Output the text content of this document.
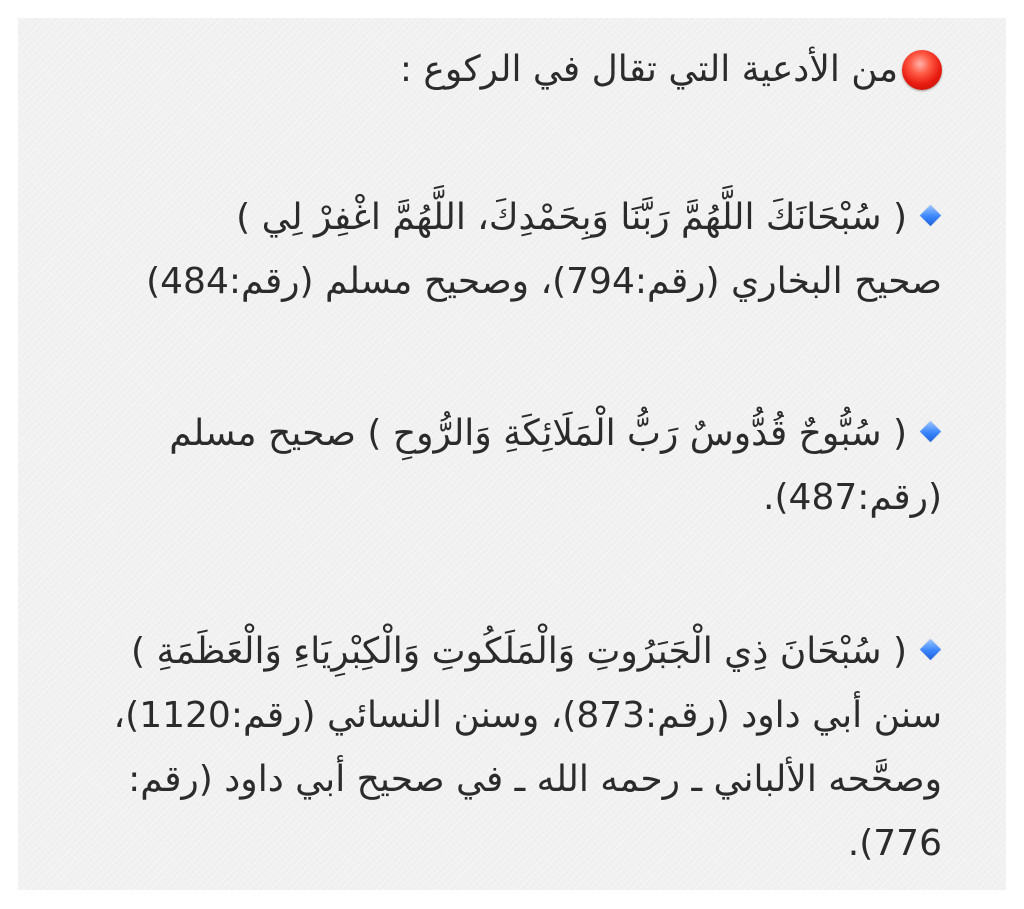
من الأدعية التي تقال في الركوع :
( سُبْحَانَكَ اللَّهُمَّ رَبَّنَا وَبِحَمْدِكَ، اللَّهُمَّ اغْفِرْ لِي )
صحيح البخاري (رقم:794)، وصحيح مسلم (رقم:484)
( سُبُّوحٌ قُدُّوسٌ رَبُّ الْمَلَائِكَةِ وَالرُّوحِ ) صحيح مسلم
(رقم:487).
( سُبْحَانَ ذِي الْجَبَرُوتِ وَالْمَلَكُوتِ وَالْكِبْرِيَاءِ وَالْعَظَمَةِ )
سنن أبي داود (رقم:873)، وسنن النسائي (رقم:1120)،
وصحَّحه الألباني ـ رحمه الله ـ في صحيح أبي داود (رقم:
776).
